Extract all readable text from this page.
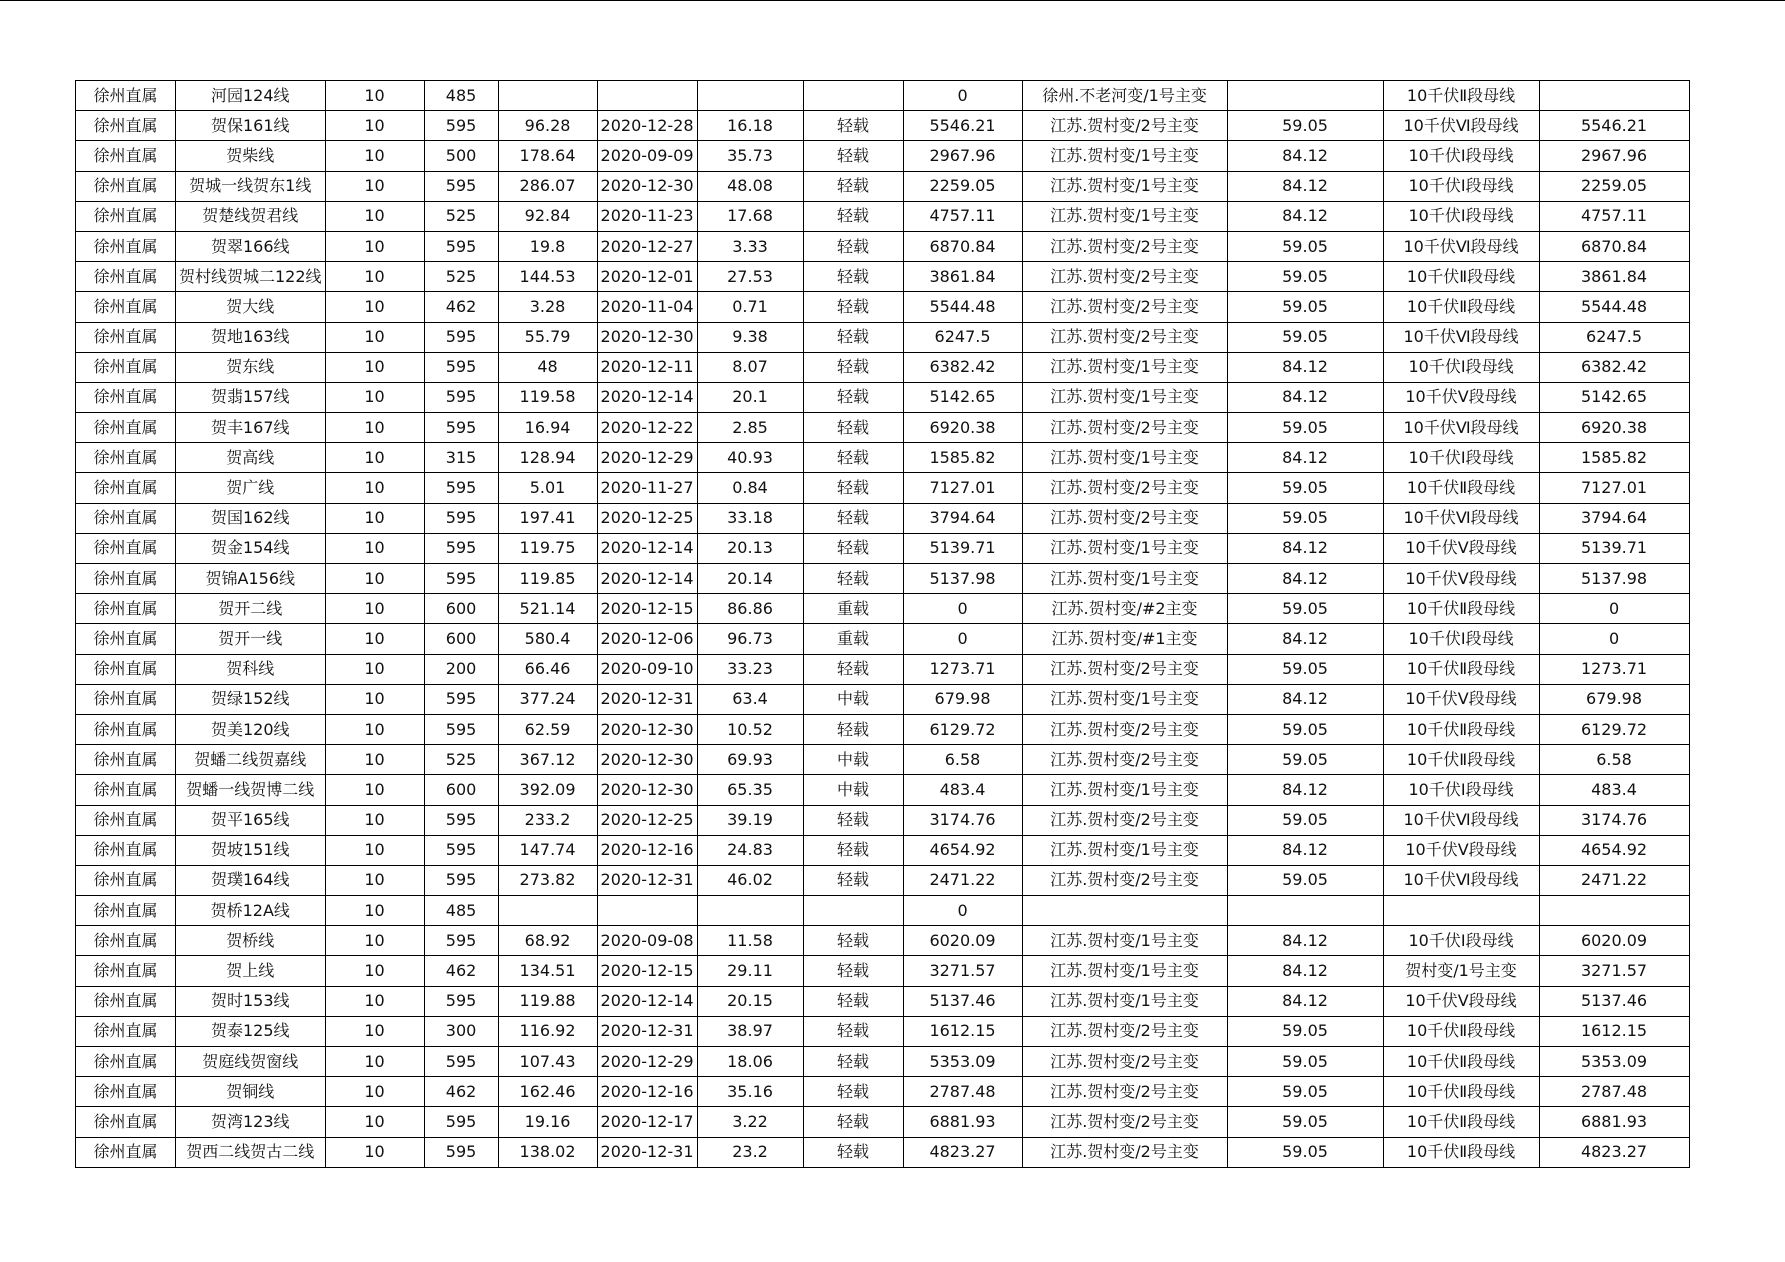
徐州直属	河园124线	10	485					0	徐州.不老河变/1号主变		10千伏Ⅱ段母线	
徐州直属	贺保161线	10	595	96.28	2020-12-28	16.18	轻载	5546.21	江苏.贺村变/2号主变	59.05	10千伏Ⅵ段母线	5546.21
徐州直属	贺柴线	10	500	178.64	2020-09-09	35.73	轻载	2967.96	江苏.贺村变/1号主变	84.12	10千伏Ⅰ段母线	2967.96
徐州直属	贺城一线贺东1线	10	595	286.07	2020-12-30	48.08	轻载	2259.05	江苏.贺村变/1号主变	84.12	10千伏Ⅰ段母线	2259.05
徐州直属	贺楚线贺君线	10	525	92.84	2020-11-23	17.68	轻载	4757.11	江苏.贺村变/1号主变	84.12	10千伏Ⅰ段母线	4757.11
徐州直属	贺翠166线	10	595	19.8	2020-12-27	3.33	轻载	6870.84	江苏.贺村变/2号主变	59.05	10千伏Ⅵ段母线	6870.84
徐州直属	贺村线贺城二122线	10	525	144.53	2020-12-01	27.53	轻载	3861.84	江苏.贺村变/2号主变	59.05	10千伏Ⅱ段母线	3861.84
徐州直属	贺大线	10	462	3.28	2020-11-04	0.71	轻载	5544.48	江苏.贺村变/2号主变	59.05	10千伏Ⅱ段母线	5544.48
徐州直属	贺地163线	10	595	55.79	2020-12-30	9.38	轻载	6247.5	江苏.贺村变/2号主变	59.05	10千伏Ⅵ段母线	6247.5
徐州直属	贺东线	10	595	48	2020-12-11	8.07	轻载	6382.42	江苏.贺村变/1号主变	84.12	10千伏Ⅰ段母线	6382.42
徐州直属	贺翡157线	10	595	119.58	2020-12-14	20.1	轻载	5142.65	江苏.贺村变/1号主变	84.12	10千伏Ⅴ段母线	5142.65
徐州直属	贺丰167线	10	595	16.94	2020-12-22	2.85	轻载	6920.38	江苏.贺村变/2号主变	59.05	10千伏Ⅵ段母线	6920.38
徐州直属	贺高线	10	315	128.94	2020-12-29	40.93	轻载	1585.82	江苏.贺村变/1号主变	84.12	10千伏Ⅰ段母线	1585.82
徐州直属	贺广线	10	595	5.01	2020-11-27	0.84	轻载	7127.01	江苏.贺村变/2号主变	59.05	10千伏Ⅱ段母线	7127.01
徐州直属	贺国162线	10	595	197.41	2020-12-25	33.18	轻载	3794.64	江苏.贺村变/2号主变	59.05	10千伏Ⅵ段母线	3794.64
徐州直属	贺金154线	10	595	119.75	2020-12-14	20.13	轻载	5139.71	江苏.贺村变/1号主变	84.12	10千伏Ⅴ段母线	5139.71
徐州直属	贺锦A156线	10	595	119.85	2020-12-14	20.14	轻载	5137.98	江苏.贺村变/1号主变	84.12	10千伏Ⅴ段母线	5137.98
徐州直属	贺开二线	10	600	521.14	2020-12-15	86.86	重载	0	江苏.贺村变/#2主变	59.05	10千伏Ⅱ段母线	0
徐州直属	贺开一线	10	600	580.4	2020-12-06	96.73	重载	0	江苏.贺村变/#1主变	84.12	10千伏Ⅰ段母线	0
徐州直属	贺科线	10	200	66.46	2020-09-10	33.23	轻载	1273.71	江苏.贺村变/2号主变	59.05	10千伏Ⅱ段母线	1273.71
徐州直属	贺绿152线	10	595	377.24	2020-12-31	63.4	中载	679.98	江苏.贺村变/1号主变	84.12	10千伏Ⅴ段母线	679.98
徐州直属	贺美120线	10	595	62.59	2020-12-30	10.52	轻载	6129.72	江苏.贺村变/2号主变	59.05	10千伏Ⅱ段母线	6129.72
徐州直属	贺蟠二线贺嘉线	10	525	367.12	2020-12-30	69.93	中载	6.58	江苏.贺村变/2号主变	59.05	10千伏Ⅱ段母线	6.58
徐州直属	贺蟠一线贺博二线	10	600	392.09	2020-12-30	65.35	中载	483.4	江苏.贺村变/1号主变	84.12	10千伏Ⅰ段母线	483.4
徐州直属	贺平165线	10	595	233.2	2020-12-25	39.19	轻载	3174.76	江苏.贺村变/2号主变	59.05	10千伏Ⅵ段母线	3174.76
徐州直属	贺坡151线	10	595	147.74	2020-12-16	24.83	轻载	4654.92	江苏.贺村变/1号主变	84.12	10千伏Ⅴ段母线	4654.92
徐州直属	贺璞164线	10	595	273.82	2020-12-31	46.02	轻载	2471.22	江苏.贺村变/2号主变	59.05	10千伏Ⅵ段母线	2471.22
徐州直属	贺桥12A线	10	485					0				
徐州直属	贺桥线	10	595	68.92	2020-09-08	11.58	轻载	6020.09	江苏.贺村变/1号主变	84.12	10千伏Ⅰ段母线	6020.09
徐州直属	贺上线	10	462	134.51	2020-12-15	29.11	轻载	3271.57	江苏.贺村变/1号主变	84.12	贺村变/1号主变	3271.57
徐州直属	贺时153线	10	595	119.88	2020-12-14	20.15	轻载	5137.46	江苏.贺村变/1号主变	84.12	10千伏Ⅴ段母线	5137.46
徐州直属	贺泰125线	10	300	116.92	2020-12-31	38.97	轻载	1612.15	江苏.贺村变/2号主变	59.05	10千伏Ⅱ段母线	1612.15
徐州直属	贺庭线贺窗线	10	595	107.43	2020-12-29	18.06	轻载	5353.09	江苏.贺村变/2号主变	59.05	10千伏Ⅱ段母线	5353.09
徐州直属	贺铜线	10	462	162.46	2020-12-16	35.16	轻载	2787.48	江苏.贺村变/2号主变	59.05	10千伏Ⅱ段母线	2787.48
徐州直属	贺湾123线	10	595	19.16	2020-12-17	3.22	轻载	6881.93	江苏.贺村变/2号主变	59.05	10千伏Ⅱ段母线	6881.93
徐州直属	贺西二线贺古二线	10	595	138.02	2020-12-31	23.2	轻载	4823.27	江苏.贺村变/2号主变	59.05	10千伏Ⅱ段母线	4823.27
